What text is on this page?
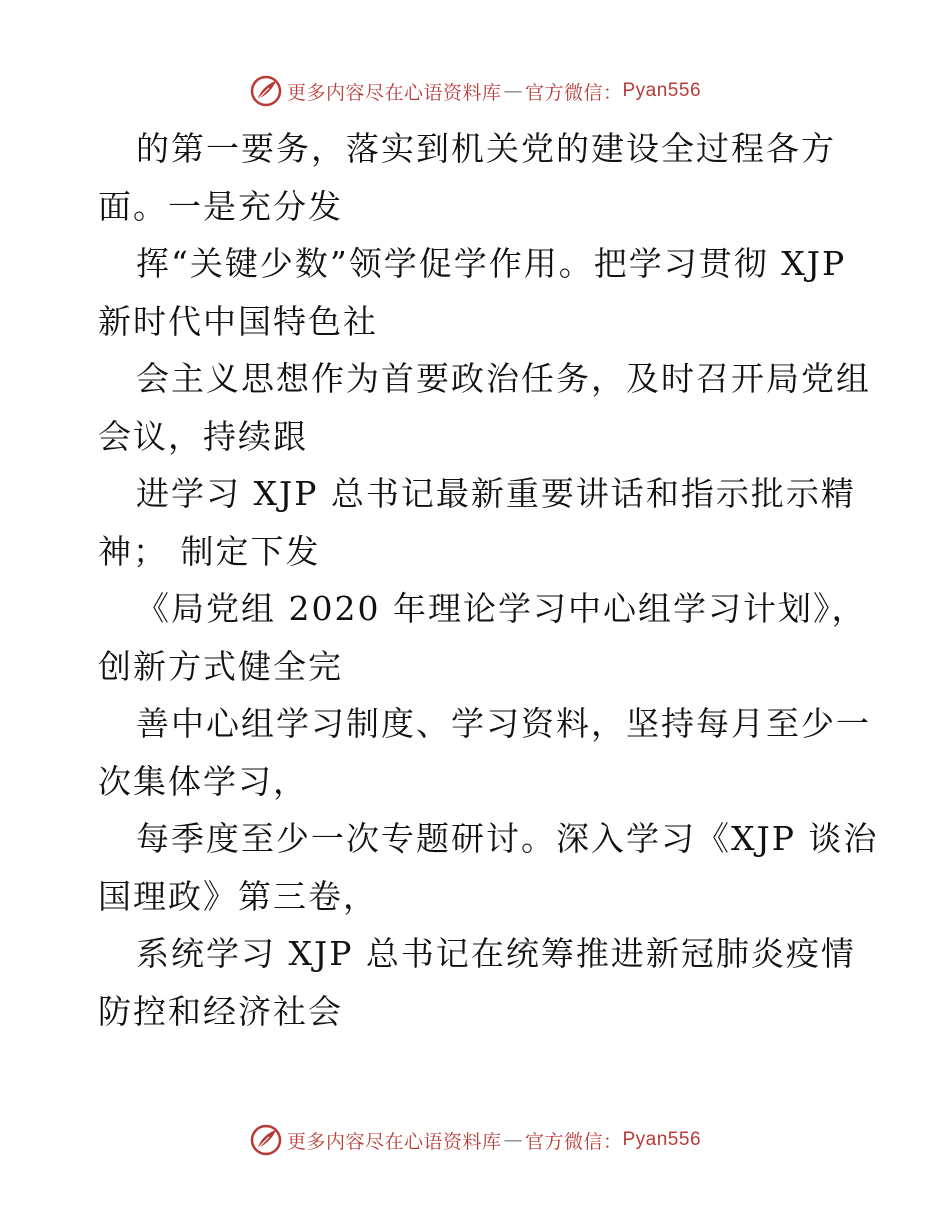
更多内容尽在心语资料库 — 官方微信： Pyan556
的第一要务，落实到机关党的建设全过程各方
面。一是充分发
挥“关键少数”领学促学作用。把学习贯彻 XJP
新时代中国特色社
会主义思想作为首要政治任务，及时召开局党组
会议，持续跟
进学习 XJP 总书记最新重要讲话和指示批示精
神； 制定下发
《局党组 2020 年理论学习中心组学习计划》，
创新方式健全完
善中心组学习制度、学习资料，坚持每月至少一
次集体学习，
每季度至少一次专题研讨。深入学习《XJP 谈治
国理政》第三卷，
系统学习 XJP 总书记在统筹推进新冠肺炎疫情
防控和经济社会
更多内容尽在心语资料库 — 官方微信： Pyan556
